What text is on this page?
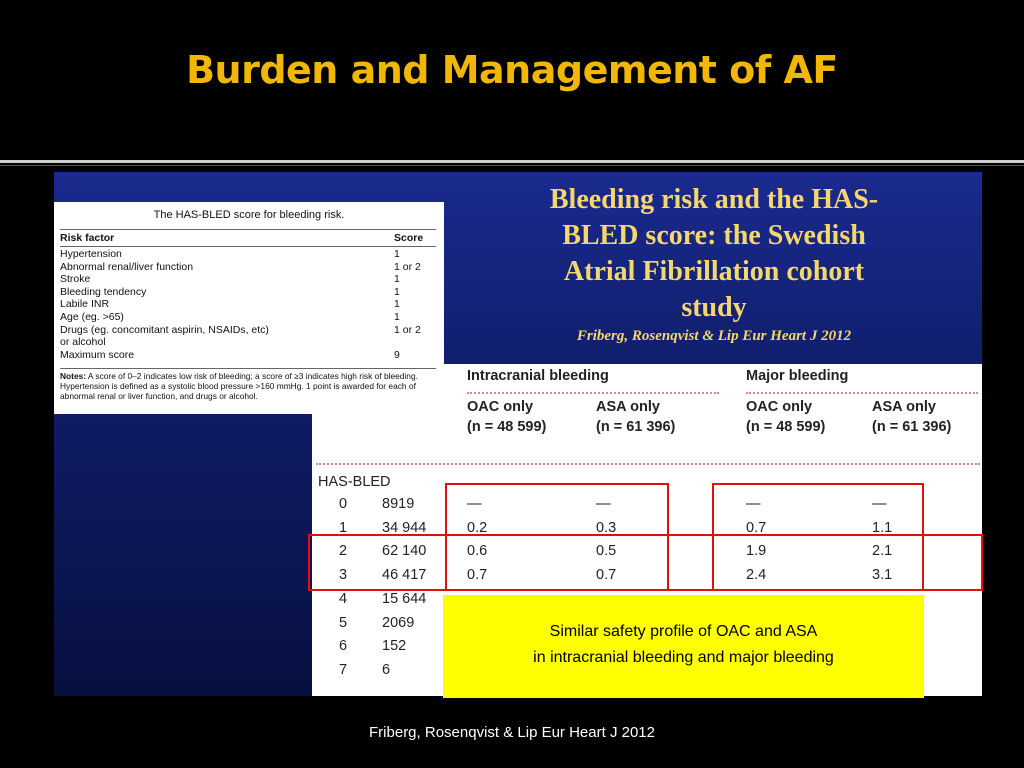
Burden and Management of AF
Bleeding risk and the HAS-
BLED score: the Swedish
Atrial Fibrillation cohort
study
Friberg, Rosenqvist & Lip Eur Heart J 2012
The HAS-BLED score for bleeding risk.
Risk factor	Score
Hypertension	1
Abnormal renal/liver function	1 or 2
Stroke	1
Bleeding tendency	1
Labile INR	1
Age (eg. >65)	1
Drugs (eg. concomitant aspirin, NSAIDs, etc)	1 or 2
or alcohol
Maximum score	9
Notes: A score of 0–2 indicates low risk of bleeding; a score of ≥3 indicates high risk of bleeding. Hypertension is defined as a systolic blood pressure >160 mmHg. 1 point is awarded for each of abnormal renal or liver function, and drugs or alcohol.
Intracranial bleeding	Major bleeding
OAC only
(n = 48 599)
ASA only
(n = 61 396)
OAC only
(n = 48 599)
ASA only
(n = 61 396)
HAS-BLED
0 8919	—	—	—	—
1 34 944	0.2	0.3	0.7	1.1
2 62 140	0.6	0.5	1.9	2.1
3 46 417	0.7	0.7	2.4	3.1
4 15 644
5 2069
6 152
7 6
Similar safety profile of OAC and ASA
in intracranial bleeding and major bleeding
Friberg, Rosenqvist & Lip Eur Heart J 2012
